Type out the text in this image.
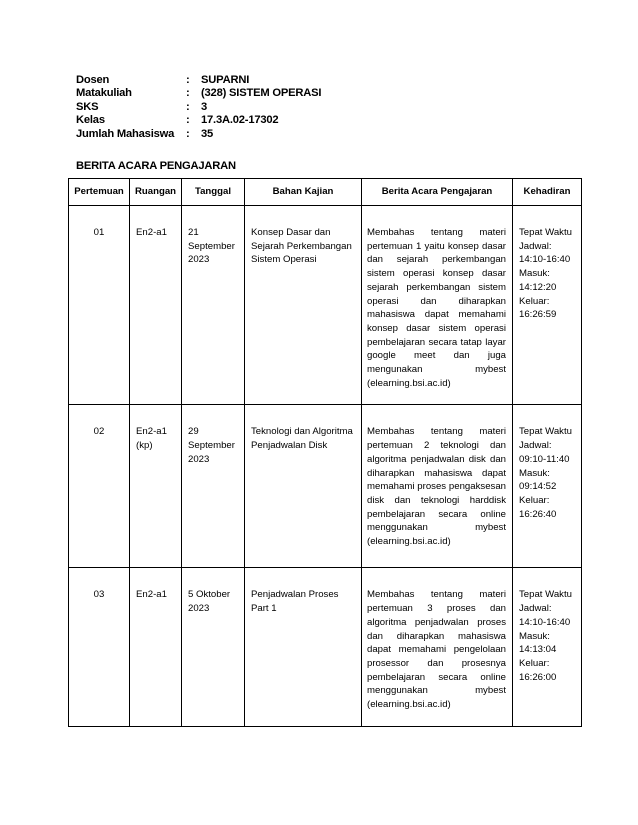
Dosen	:	SUPARNI
Matakuliah	:	(328) SISTEM OPERASI
SKS	:	3
Kelas	:	17.3A.02-17302
Jumlah Mahasiswa	:	35
BERITA ACARA PENGAJARAN
Pertemuan	Ruangan	Tanggal	Bahan Kajian	Berita Acara Pengajaran	Kehadiran
01	En2-a1	21 September 2023	Konsep Dasar dan Sejarah Perkembangan Sistem Operasi	Membahas tentang materi pertemuan 1 yaitu konsep dasar dan sejarah perkembangan sistem operasi konsep dasar sejarah perkembangan sistem operasi dan diharapkan mahasiswa dapat memahami konsep dasar sistem operasi pembelajaran secara tatap layar google meet dan juga mengunakan mybest (elearning.bsi.ac.id)	Tepat Waktu Jadwal: 14:10-16:40 Masuk: 14:12:20 Keluar: 16:26:59
02	En2-a1 (kp)	29 September 2023	Teknologi dan Algoritma Penjadwalan Disk	Membahas tentang materi pertemuan 2 teknologi dan algoritma penjadwalan disk dan diharapkan mahasiswa dapat memahami proses pengaksesan disk dan teknologi harddisk pembelajaran secara online menggunakan mybest (elearning.bsi.ac.id)	Tepat Waktu Jadwal: 09:10-11:40 Masuk: 09:14:52 Keluar: 16:26:40
03	En2-a1	5 Oktober 2023	Penjadwalan Proses Part 1	Membahas tentang materi pertemuan 3 proses dan algoritma penjadwalan proses dan diharapkan mahasiswa dapat memahami pengelolaan prosessor dan prosesnya pembelajaran secara online menggunakan mybest (elearning.bsi.ac.id)	Tepat Waktu Jadwal: 14:10-16:40 Masuk: 14:13:04 Keluar: 16:26:00
